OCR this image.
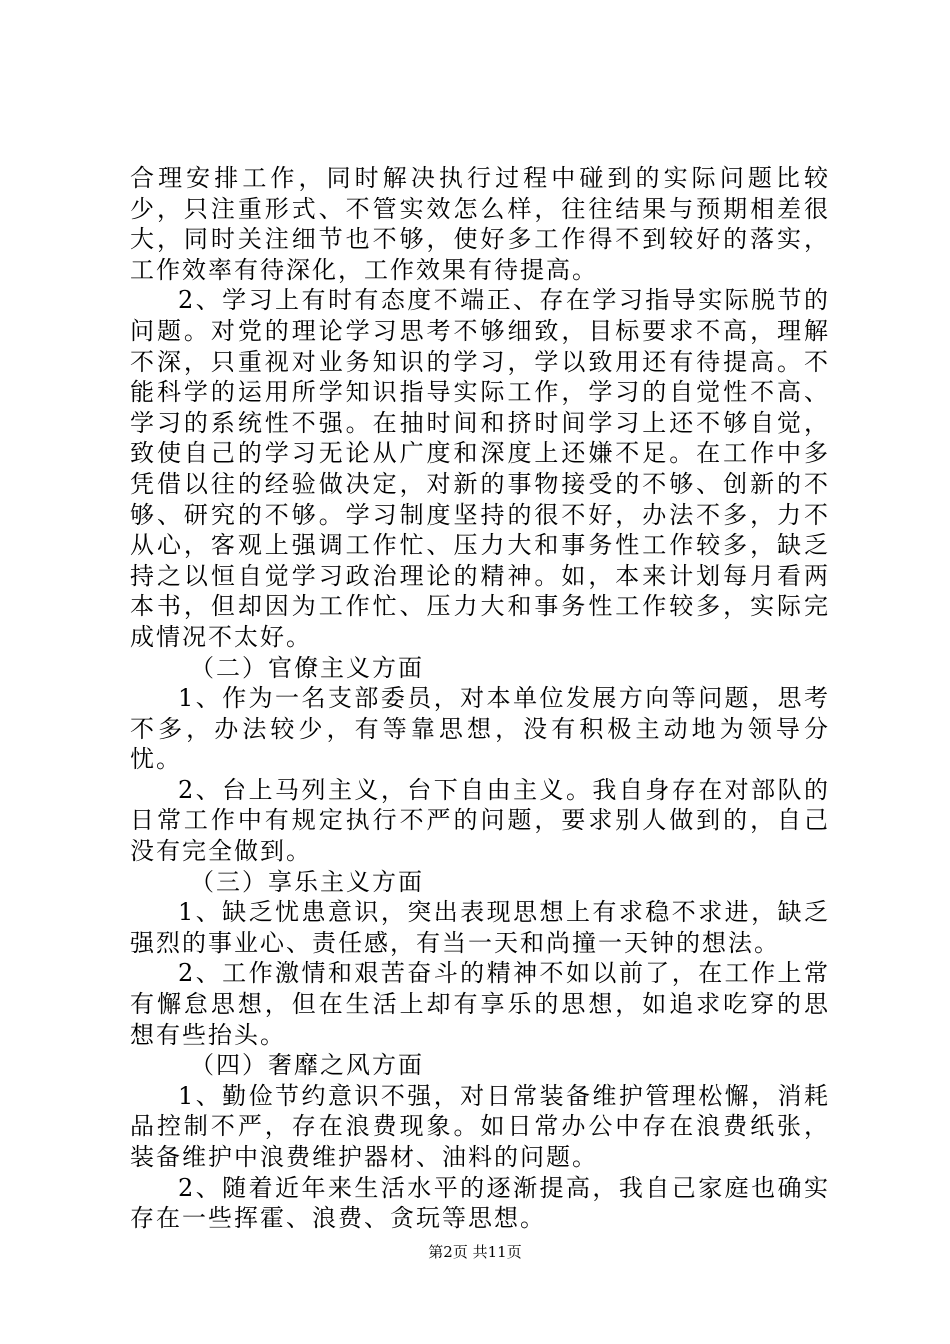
合理安排工作，同时解决执行过程中碰到的实际问题比较少，只注重形式、不管实效怎么样，往往结果与预期相差很大，同时关注细节也不够，使好多工作得不到较好的落实，工作效率有待深化，工作效果有待提高。

2、学习上有时有态度不端正、存在学习指导实际脱节的问题。对党的理论学习思考不够细致，目标要求不高，理解不深，只重视对业务知识的学习，学以致用还有待提高。不能科学的运用所学知识指导实际工作，学习的自觉性不高、学习的系统性不强。在抽时间和挤时间学习上还不够自觉，致使自己的学习无论从广度和深度上还嫌不足。在工作中多凭借以往的经验做决定，对新的事物接受的不够、创新的不够、研究的不够。学习制度坚持的很不好，办法不多，力不从心，客观上强调工作忙、压力大和事务性工作较多，缺乏持之以恒自觉学习政治理论的精神。如，本来计划每月看两本书，但却因为工作忙、压力大和事务性工作较多，实际完成情况不太好。

（二）官僚主义方面

1、作为一名支部委员，对本单位发展方向等问题，思考不多，办法较少，有等靠思想，没有积极主动地为领导分忧。

2、台上马列主义，台下自由主义。我自身存在对部队的日常工作中有规定执行不严的问题，要求别人做到的，自己没有完全做到。

（三）享乐主义方面

1、缺乏忧患意识，突出表现思想上有求稳不求进，缺乏强烈的事业心、责任感，有当一天和尚撞一天钟的想法。

2、工作激情和艰苦奋斗的精神不如以前了，在工作上常有懈怠思想，但在生活上却有享乐的思想，如追求吃穿的思想有些抬头。

（四）奢靡之风方面

1、勤俭节约意识不强，对日常装备维护管理松懈，消耗品控制不严，存在浪费现象。如日常办公中存在浪费纸张，装备维护中浪费维护器材、油料的问题。

2、随着近年来生活水平的逐渐提高，我自己家庭也确实存在一些挥霍、浪费、贪玩等思想。

第2页 共11页
